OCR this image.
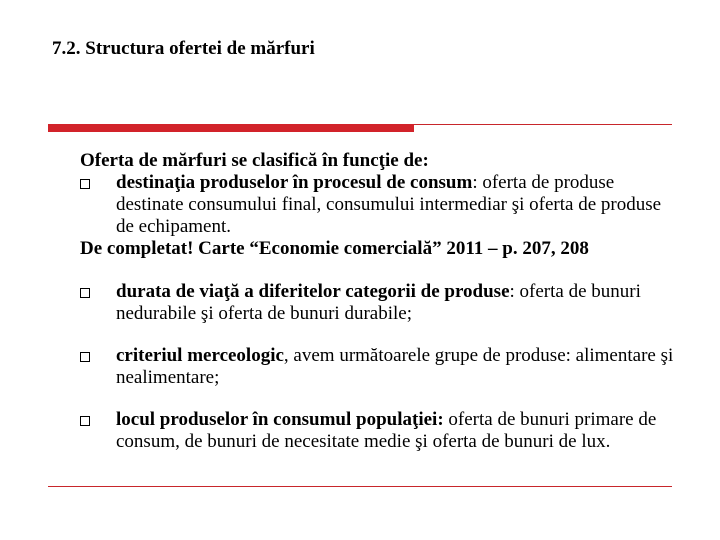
7.2. Structura ofertei de mărfuri
Oferta de mărfuri se clasifică în funcţie de:
destinaţia produselor în procesul de consum: oferta de produse destinate consumului final, consumului intermediar şi oferta de produse de echipament.
De completat! Carte “Economie comercială” 2011 – p. 207, 208
durata de viaţă a diferitelor categorii de produse: oferta de bunuri nedurabile şi oferta de bunuri durabile;
criteriul merceologic, avem următoarele grupe de produse: alimentare şi nealimentare;
locul produselor în consumul populaţiei: oferta de bunuri primare de consum, de bunuri de necesitate medie şi oferta de bunuri de lux.
